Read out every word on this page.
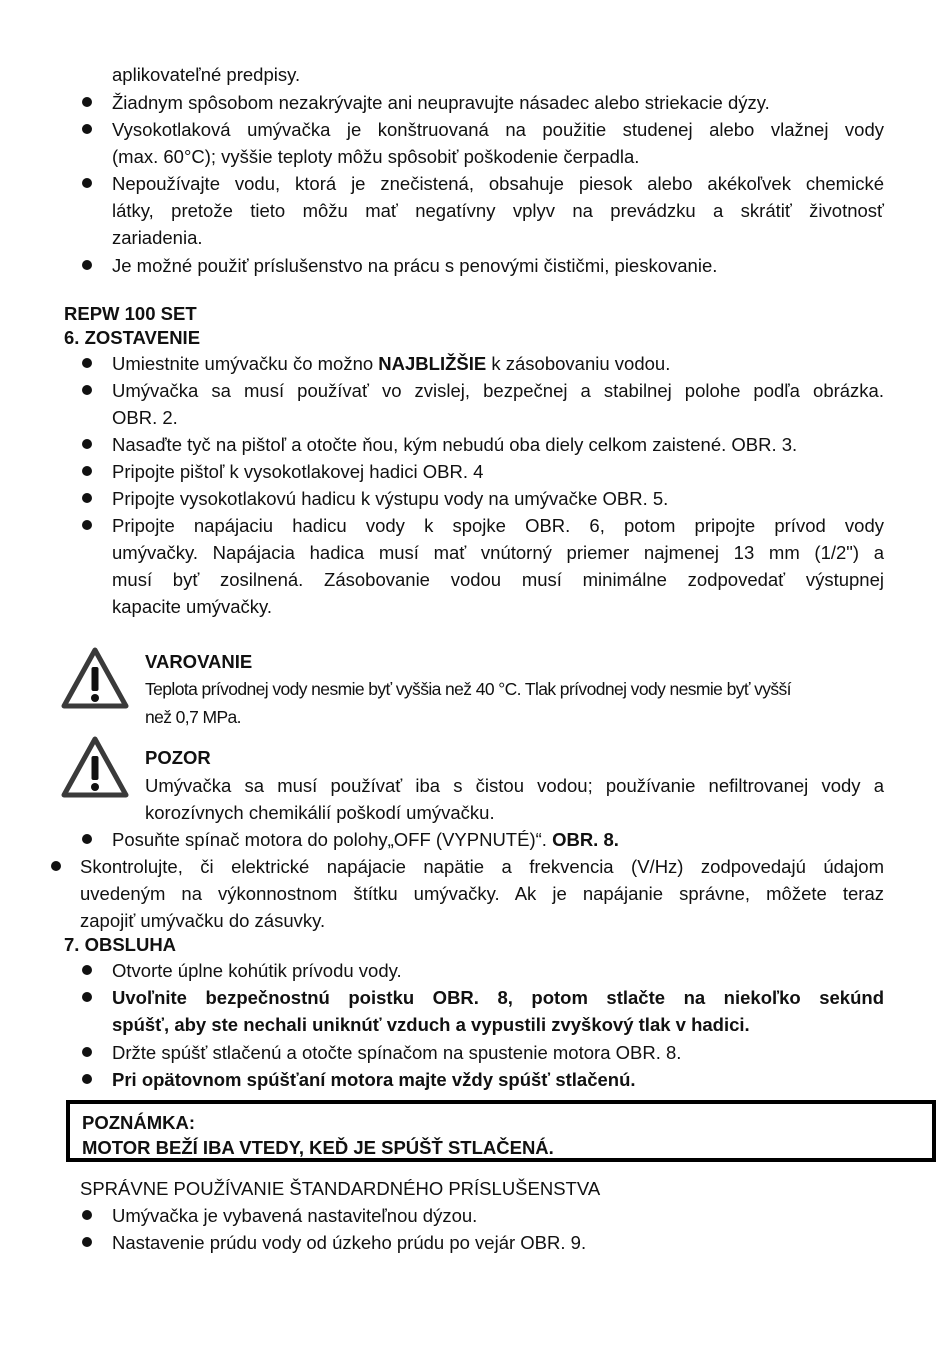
aplikovateľné predpisy.
Žiadnym spôsobom nezakrývajte ani neupravujte násadec alebo striekacie dýzy.
Vysokotlaková umývačka je konštruovaná na použitie studenej alebo vlažnej vody
(max. 60°C); vyššie teploty môžu spôsobiť poškodenie čerpadla.
Nepoužívajte vodu, ktorá je znečistená, obsahuje piesok alebo akékoľvek chemické
látky, pretože tieto môžu mať negatívny vplyv na prevádzku a skrátiť životnosť
zariadenia.
Je možné použiť príslušenstvo na prácu s penovými čističmi, pieskovanie.
REPW 100 SET
6. ZOSTAVENIE
Umiestnite umývačku čo možno NAJBLIŽŠIE k zásobovaniu vodou.
Umývačka sa musí používať vo zvislej, bezpečnej a stabilnej polohe podľa obrázka.
OBR. 2.
Nasaďte tyč na pištoľ a otočte ňou, kým nebudú oba diely celkom zaistené. OBR. 3.
Pripojte pištoľ k vysokotlakovej hadici OBR. 4
Pripojte vysokotlakovú hadicu k výstupu vody na umývačke OBR. 5.
Pripojte napájaciu hadicu vody k spojke OBR. 6, potom pripojte prívod vody
umývačky. Napájacia hadica musí mať vnútorný priemer najmenej 13 mm (1/2") a
musí byť zosilnená. Zásobovanie vodou musí minimálne zodpovedať výstupnej
kapacite umývačky.
VAROVANIE
Teplota prívodnej vody nesmie byť vyššia než 40 °C. Tlak prívodnej vody nesmie byť vyšší
než 0,7 MPa.
POZOR
Umývačka sa musí používať iba s čistou vodou; používanie nefiltrovanej vody a
korozívnych chemikálií poškodí umývačku.
Posuňte spínač motora do polohy„OFF (VYPNUTÉ)“. OBR. 8.
Skontrolujte, či elektrické napájacie napätie a frekvencia (V/Hz) zodpovedajú údajom
uvedeným na výkonnostnom štítku umývačky. Ak je napájanie správne, môžete teraz
zapojiť umývačku do zásuvky.
7. OBSLUHA
Otvorte úplne kohútik prívodu vody.
Uvoľnite bezpečnostnú poistku OBR. 8, potom stlačte na niekoľko sekúnd
spúšť, aby ste nechali uniknúť vzduch a vypustili zvyškový tlak v hadici.
Držte spúšť stlačenú a otočte spínačom na spustenie motora OBR. 8.
Pri opätovnom spúšťaní motora majte vždy spúšť stlačenú.
POZNÁMKA:
MOTOR BEŽÍ IBA VTEDY, KEĎ JE SPÚŠŤ STLAČENÁ.
SPRÁVNE POUŽÍVANIE ŠTANDARDNÉHO PRÍSLUŠENSTVA
Umývačka je vybavená nastaviteľnou dýzou.
Nastavenie prúdu vody od úzkeho prúdu po vejár OBR. 9.
